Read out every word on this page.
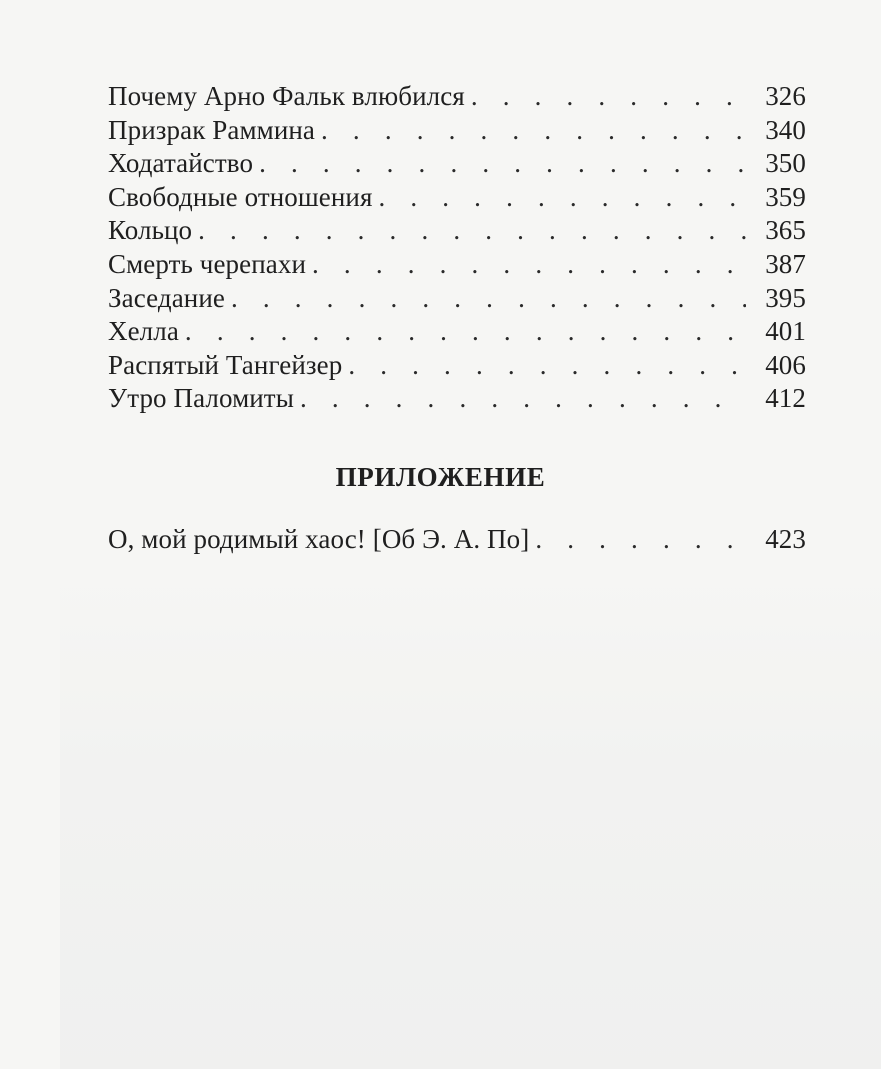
Почему Арно Фальк влюбился . . .	326
Призрак Раммина . . .	340
Ходатайство . . .	350
Свободные отношения . . .	359
Кольцо . . .	365
Смерть черепахи . . .	387
Заседание . . .	395
Хелла . . .	401
Распятый Тангейзер . . .	406
Утро Паломиты . . .	412
ПРИЛОЖЕНИЕ
О, мой родимый хаос! [Об Э. А. По] . . .	423
